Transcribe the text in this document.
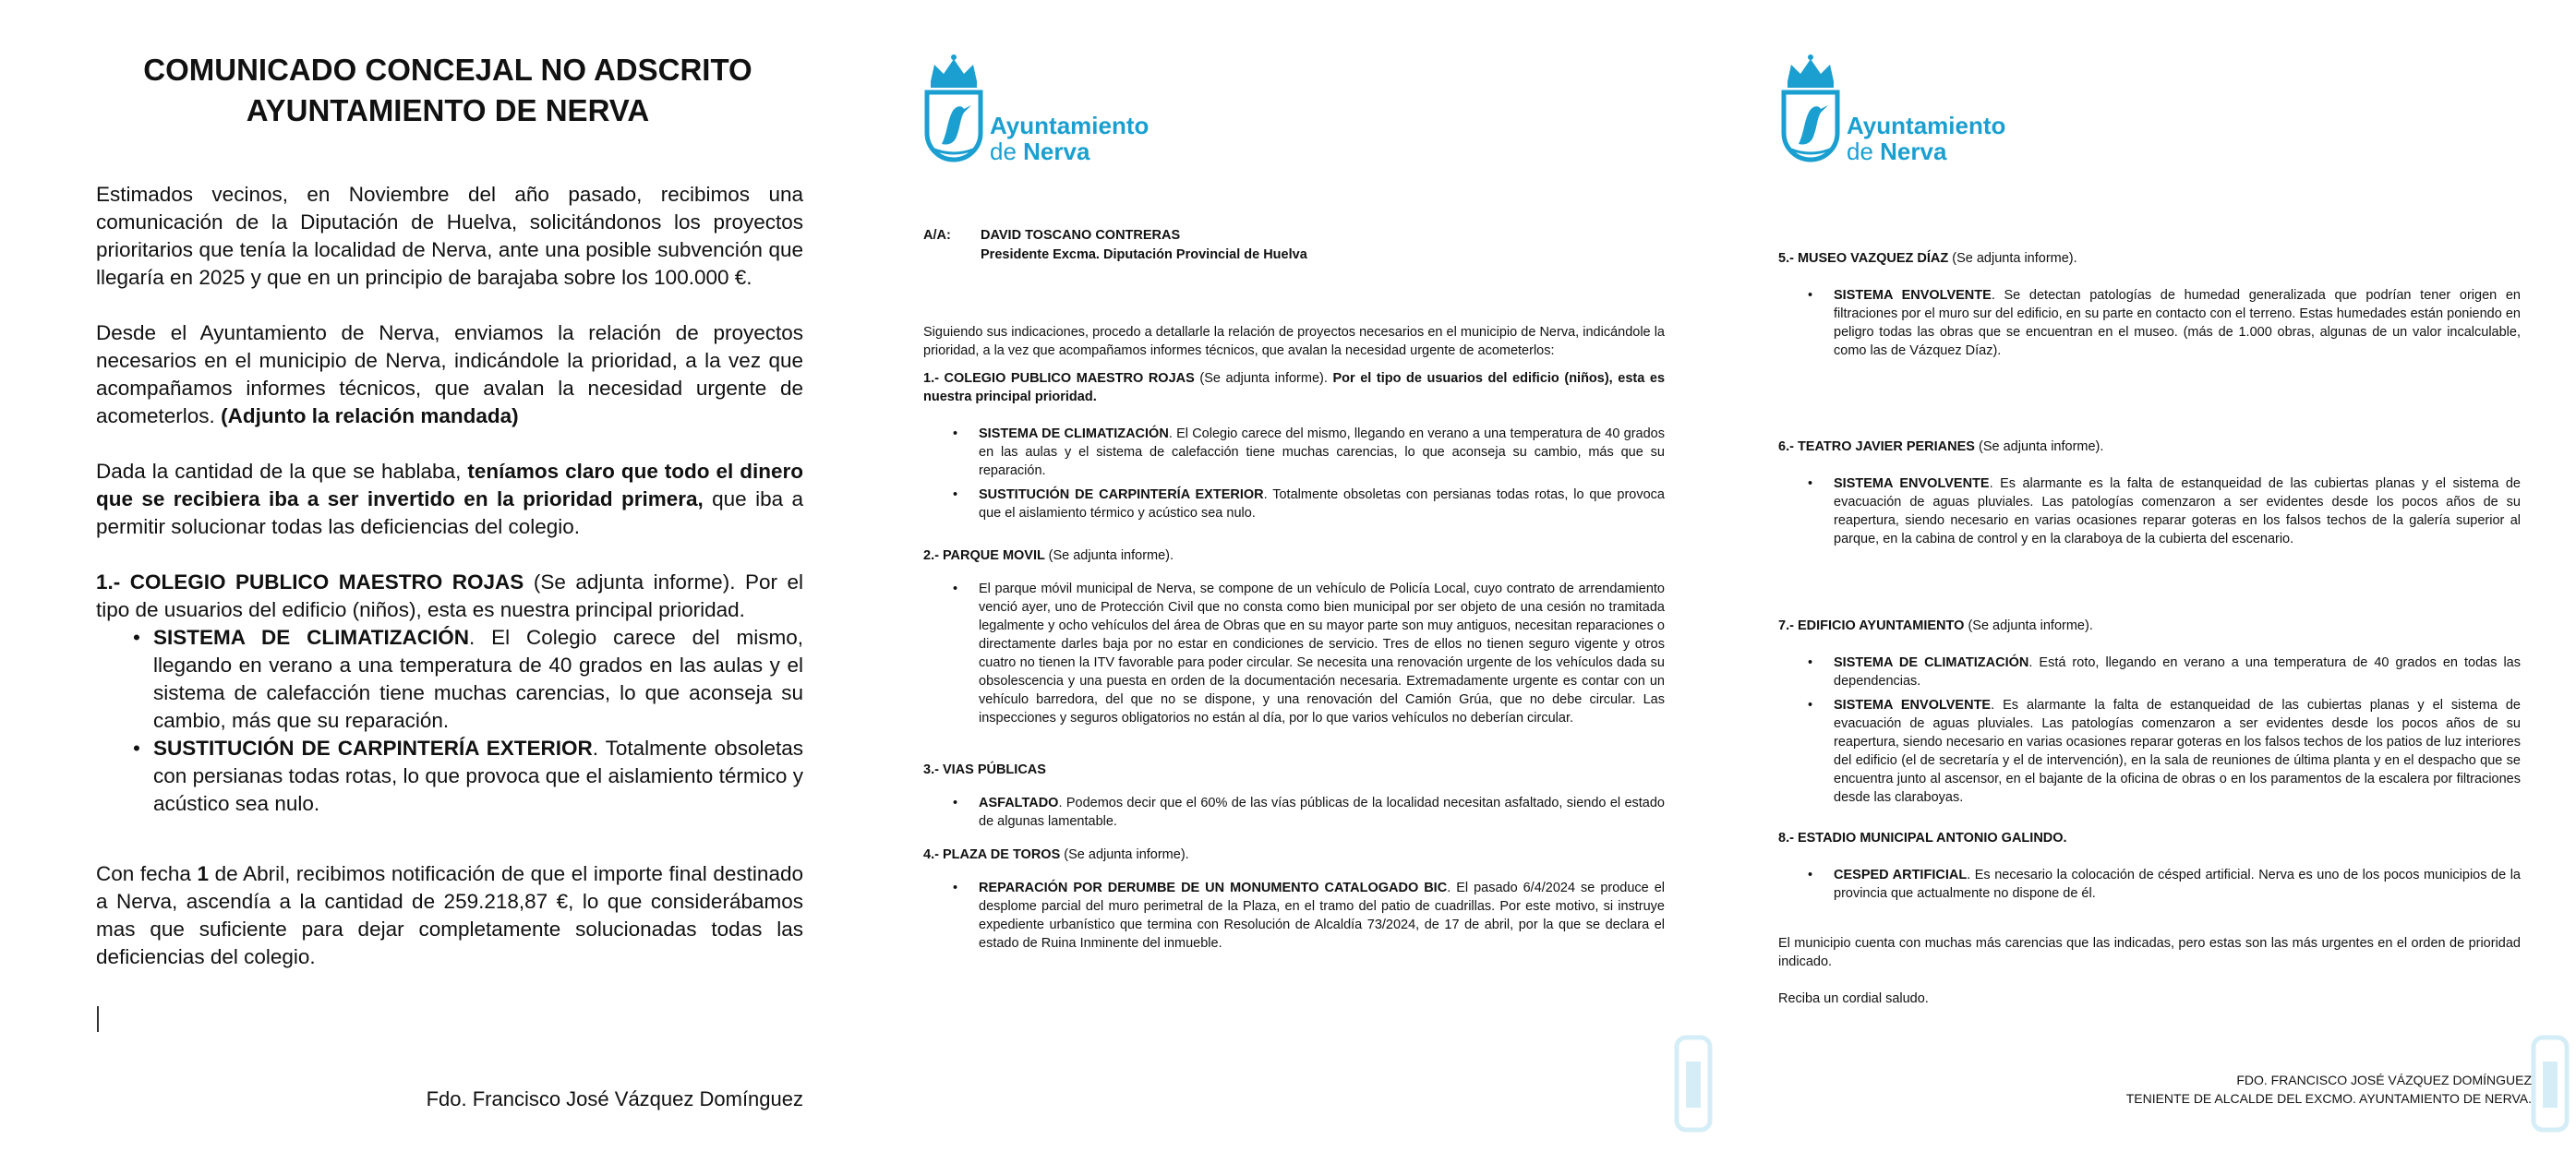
COMUNICADO CONCEJAL NO ADSCRITO
AYUNTAMIENTO DE NERVA

Estimados vecinos, en Noviembre del año pasado, recibimos una comunicación de la Diputación de Huelva, solicitándonos los proyectos prioritarios que tenía la localidad de Nerva, ante una posible subvención que llegaría en 2025 y que en un principio de barajaba sobre los 100.000 €.

Desde el Ayuntamiento de Nerva, enviamos la relación de proyectos necesarios en el municipio de Nerva, indicándole la prioridad, a la vez que acompañamos informes técnicos, que avalan la necesidad urgente de acometerlos. (Adjunto la relación mandada)

Dada la cantidad de la que se hablaba, teníamos claro que todo el dinero que se recibiera iba a ser invertido en la prioridad primera, que iba a permitir solucionar todas las deficiencias del colegio.

1.- COLEGIO PUBLICO MAESTRO ROJAS (Se adjunta informe). Por el tipo de usuarios del edificio (niños), esta es nuestra principal prioridad.

• SISTEMA DE CLIMATIZACIÓN. El Colegio carece del mismo, llegando en verano a una temperatura de 40 grados en las aulas y el sistema de calefacción tiene muchas carencias, lo que aconseja su cambio, más que su reparación.
• SUSTITUCIÓN DE CARPINTERÍA EXTERIOR. Totalmente obsoletas con persianas todas rotas, lo que provoca que el aislamiento térmico y acústico sea nulo.

Con fecha 1 de Abril, recibimos notificación de que el importe final destinado a Nerva, ascendía a la cantidad de 259.218,87 €, lo que considerábamos mas que suficiente para dejar completamente solucionadas todas las deficiencias del colegio.

Fdo. Francisco José Vázquez Domínguez

Ayuntamiento
de Nerva
A/A: DAVID TOSCANO CONTRERAS
Presidente Excma. Diputación Provincial de Huelva

Siguiendo sus indicaciones, procedo a detallarle la relación de proyectos necesarios en el municipio de Nerva, indicándole la prioridad, a la vez que acompañamos informes técnicos, que avalan la necesidad urgente de acometerlos:

1.- COLEGIO PUBLICO MAESTRO ROJAS (Se adjunta informe). Por el tipo de usuarios del edificio (niños), esta es nuestra principal prioridad.

• SISTEMA DE CLIMATIZACIÓN. El Colegio carece del mismo, llegando en verano a una temperatura de 40 grados en las aulas y el sistema de calefacción tiene muchas carencias, lo que aconseja su cambio, más que su reparación.
• SUSTITUCIÓN DE CARPINTERÍA EXTERIOR. Totalmente obsoletas con persianas todas rotas, lo que provoca que el aislamiento térmico y acústico sea nulo.
2.- PARQUE MOVIL (Se adjunta informe).
• El parque móvil municipal de Nerva, se compone de un vehículo de Policía Local, cuyo contrato de arrendamiento venció ayer, uno de Protección Civil que no consta como bien municipal por ser objeto de una cesión no tramitada legalmente y ocho vehículos del área de Obras que en su mayor parte son muy antiguos, necesitan reparaciones o directamente darles baja por no estar en condiciones de servicio. Tres de ellos no tienen seguro vigente y otros cuatro no tienen la ITV favorable para poder circular. Se necesita una renovación urgente de los vehículos dada su obsolescencia y una puesta en orden de la documentación necesaria. Extremadamente urgente es contar con un vehículo barredora, del que no se dispone, y una renovación del Camión Grúa, que no debe circular. Las inspecciones y seguros obligatorios no están al día, por lo que varios vehículos no deberían circular.
3.- VIAS PÚBLICAS
• ASFALTADO. Podemos decir que el 60% de las vías públicas de la localidad necesitan asfaltado, siendo el estado de algunas lamentable.
4.- PLAZA DE TOROS (Se adjunta informe).
• REPARACIÓN POR DERUMBE DE UN MONUMENTO CATALOGADO BIC. El pasado 6/4/2024 se produce el desplome parcial del muro perimetral de la Plaza, en el tramo del patio de cuadrillas. Por este motivo, si instruye expediente urbanístico que termina con Resolución de Alcaldía 73/2024, de 17 de abril, por la que se declara el estado de Ruina Inminente del inmueble.
Ayuntamiento
de Nerva
5.- MUSEO VAZQUEZ DÍAZ (Se adjunta informe).
• SISTEMA ENVOLVENTE. Se detectan patologías de humedad generalizada que podrían tener origen en filtraciones por el muro sur del edificio, en su parte en contacto con el terreno. Estas humedades están poniendo en peligro todas las obras que se encuentran en el museo. (más de 1.000 obras, algunas de un valor incalculable, como las de Vázquez Díaz).
6.- TEATRO JAVIER PERIANES (Se adjunta informe).
• SISTEMA ENVOLVENTE. Es alarmante es la falta de estanqueidad de las cubiertas planas y el sistema de evacuación de aguas pluviales. Las patologías comenzaron a ser evidentes desde los pocos años de su reapertura, siendo necesario en varias ocasiones reparar goteras en los falsos techos de la galería superior al parque, en la cabina de control y en la claraboya de la cubierta del escenario.
7.- EDIFICIO AYUNTAMIENTO (Se adjunta informe).
• SISTEMA DE CLIMATIZACIÓN. Está roto, llegando en verano a una temperatura de 40 grados en todas las dependencias.
• SISTEMA ENVOLVENTE. Es alarmante la falta de estanqueidad de las cubiertas planas y el sistema de evacuación de aguas pluviales. Las patologías comenzaron a ser evidentes desde los pocos años de su reapertura, siendo necesario en varias ocasiones reparar goteras en los falsos techos de los patios de luz interiores del edificio (el de secretaría y el de intervención), en la sala de reuniones de última planta y en el despacho que se encuentra junto al ascensor, en el bajante de la oficina de obras o en los paramentos de la escalera por filtraciones desde las claraboyas.
8.- ESTADIO MUNICIPAL ANTONIO GALINDO.
• CESPED ARTIFICIAL. Es necesario la colocación de césped artificial. Nerva es uno de los pocos municipios de la provincia que actualmente no dispone de él.

El municipio cuenta con muchas más carencias que las indicadas, pero estas son las más urgentes en el orden de prioridad indicado.

Reciba un cordial saludo.

FDO. FRANCISCO JOSÉ VÁZQUEZ DOMÍNGUEZ
TENIENTE DE ALCALDE DEL EXCMO. AYUNTAMIENTO DE NERVA.
